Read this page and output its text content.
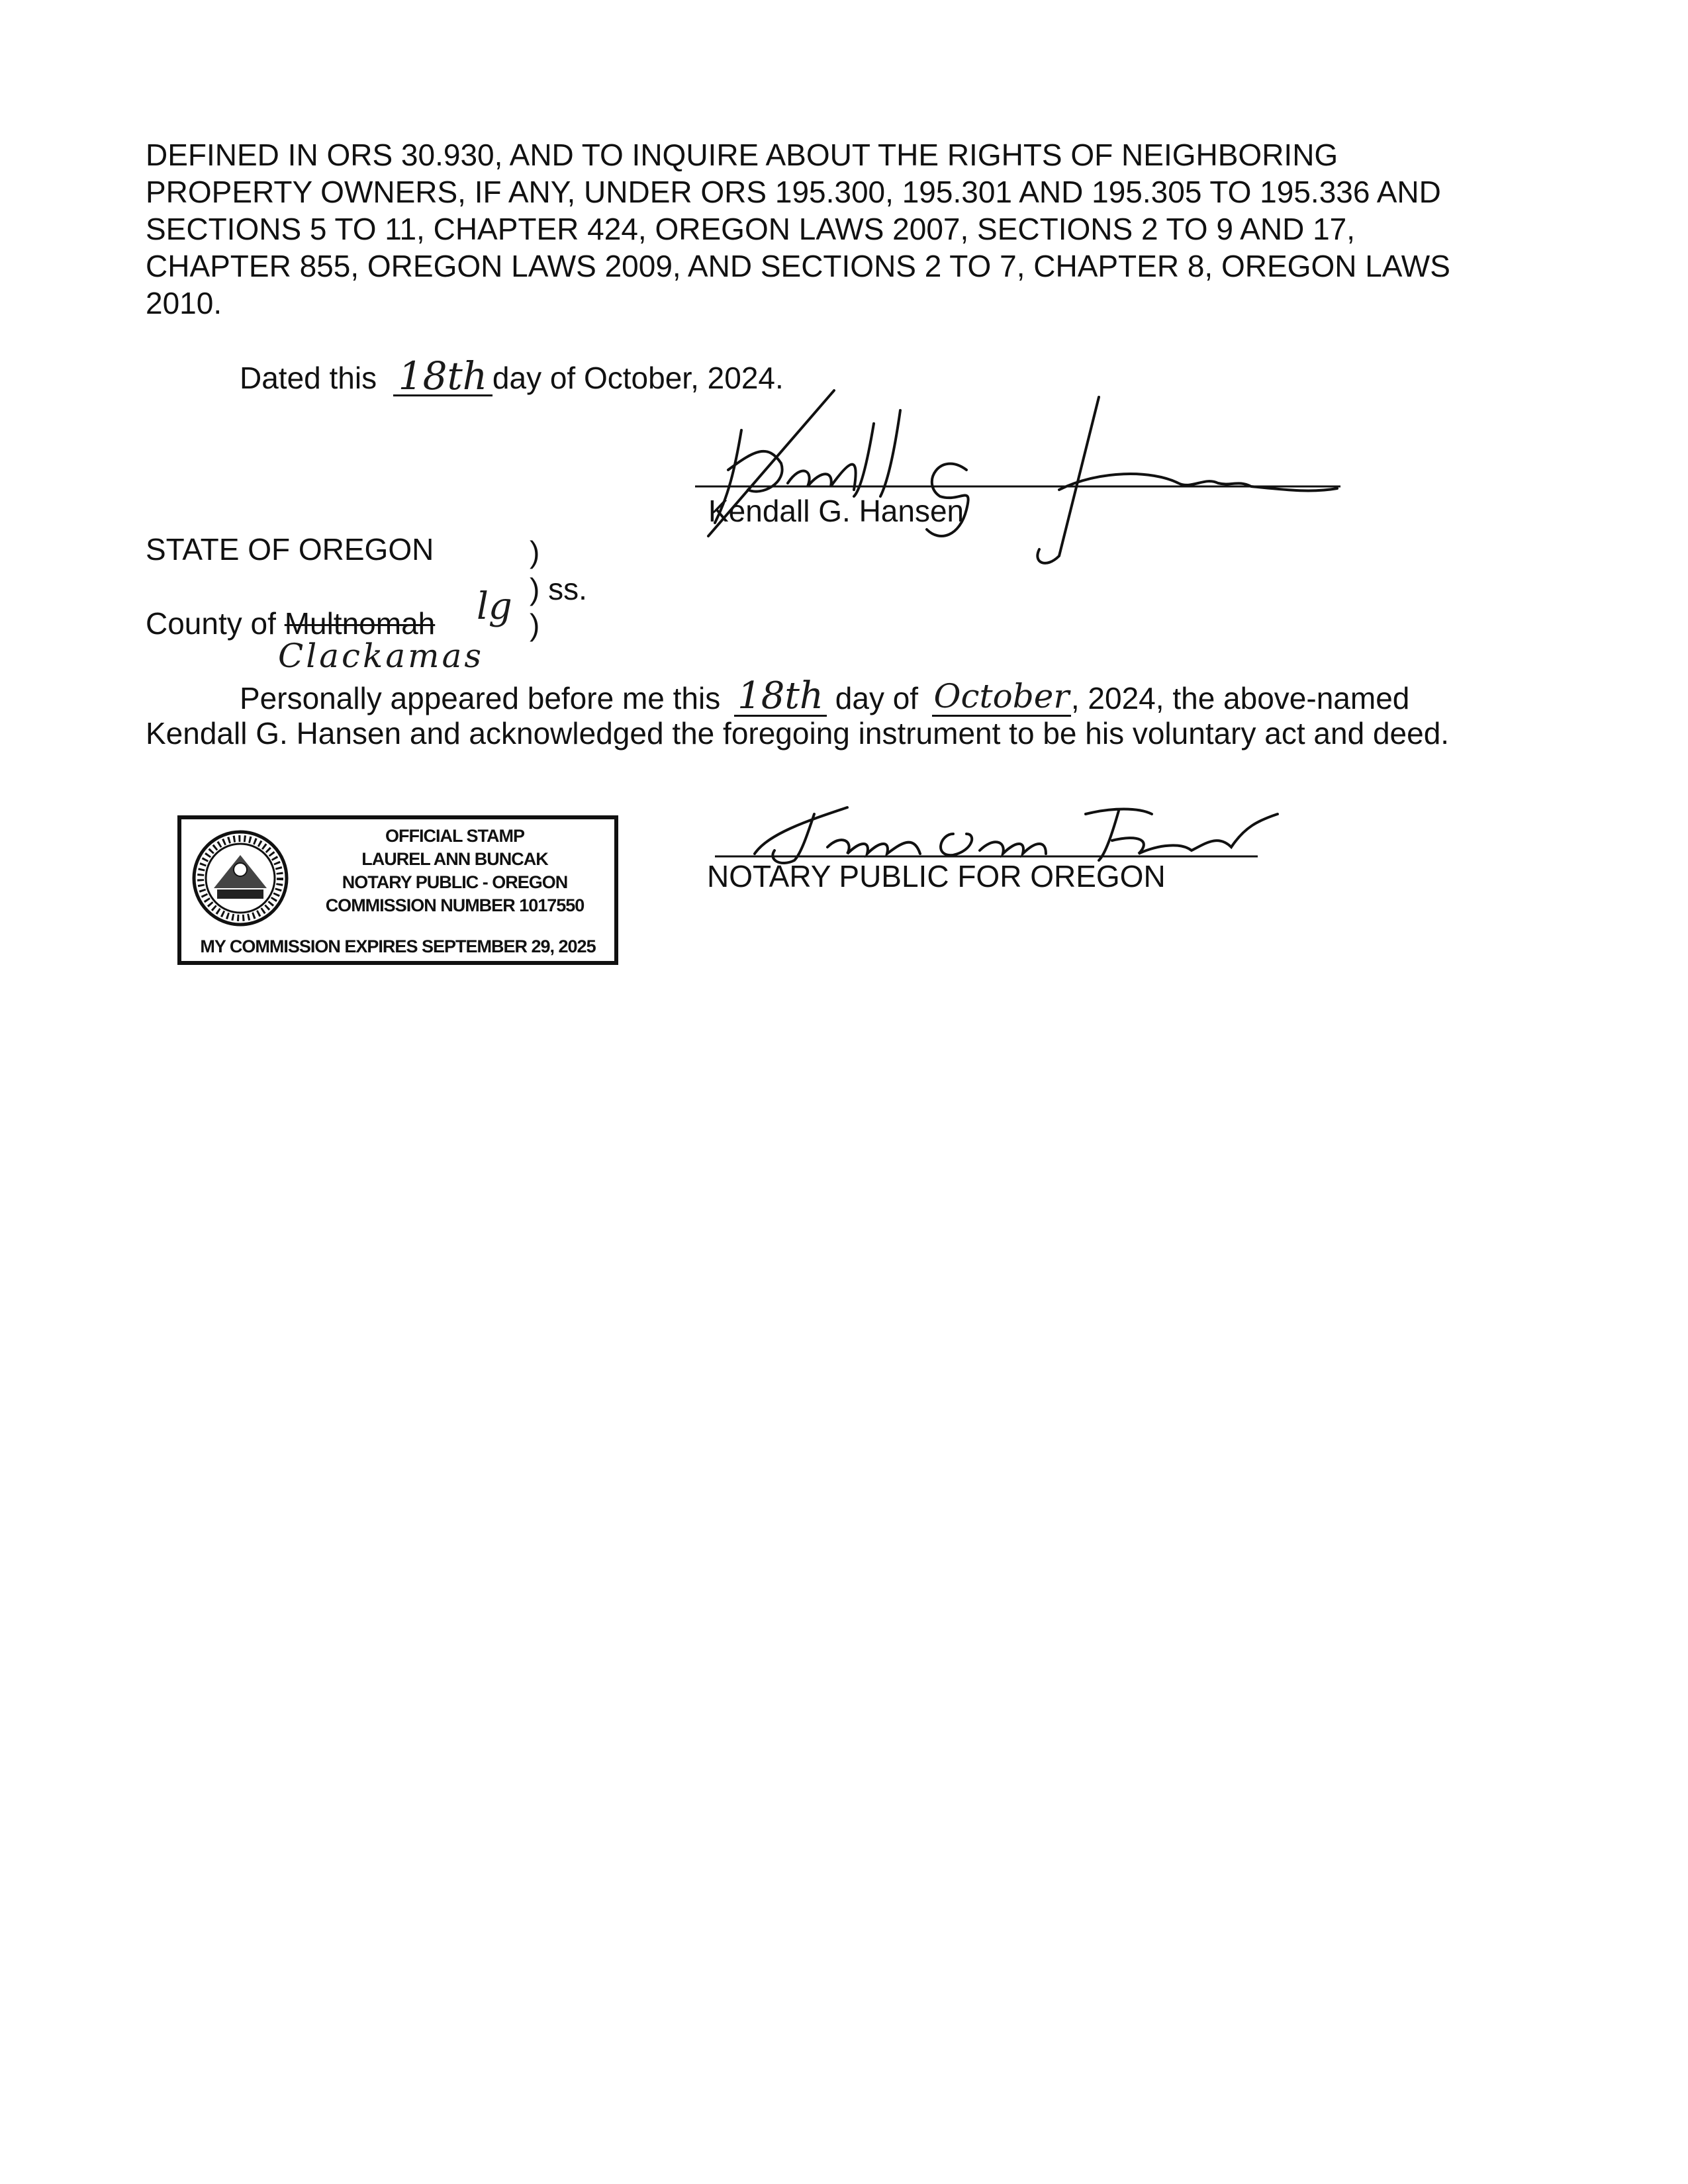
DEFINED IN ORS 30.930, AND TO INQUIRE ABOUT THE RIGHTS OF NEIGHBORING
PROPERTY OWNERS, IF ANY, UNDER ORS 195.300, 195.301 AND 195.305 TO 195.336 AND
SECTIONS 5 TO 11, CHAPTER 424, OREGON LAWS 2007, SECTIONS 2 TO 9 AND 17,
CHAPTER 855, OREGON LAWS 2009, AND SECTIONS 2 TO 7, CHAPTER 8, OREGON LAWS
2010.
Dated this 18th day of October, 2024.
Kendall G. Hansen
STATE OF OREGON	)
) ss.
County of Multnomah lg )
Clackamas
Personally appeared before me this 18th day of October, 2024, the above-named
Kendall G. Hansen and acknowledged the foregoing instrument to be his voluntary act and deed.
OFFICIAL STAMP
LAUREL ANN BUNCAK
NOTARY PUBLIC - OREGON
COMMISSION NUMBER 1017550
MY COMMISSION EXPIRES SEPTEMBER 29, 2025
NOTARY PUBLIC FOR OREGON
